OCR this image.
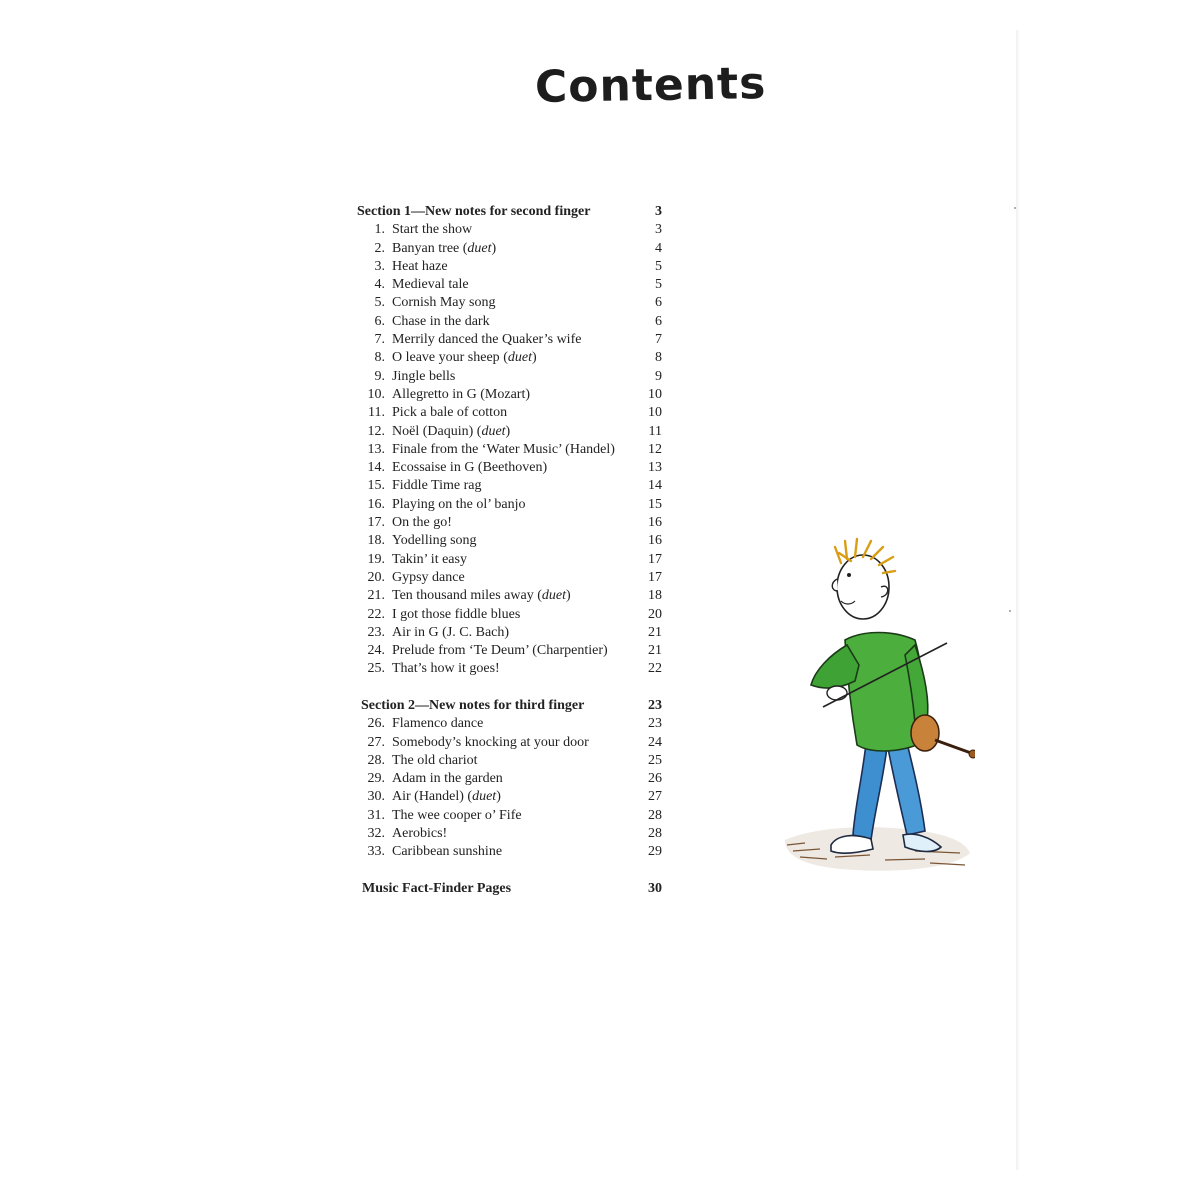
Contents
Section 1—New notes for second finger	3
1. Start the show	3
2. Banyan tree (duet)	4
3. Heat haze	5
4. Medieval tale	5
5. Cornish May song	6
6. Chase in the dark	6
7. Merrily danced the Quaker’s wife	7
8. O leave your sheep (duet)	8
9. Jingle bells	9
10. Allegretto in G (Mozart)	10
11. Pick a bale of cotton	10
12. Noël (Daquin) (duet)	11
13. Finale from the ‘Water Music’ (Handel) 12
14. Ecossaise in G (Beethoven)	13
15. Fiddle Time rag	14
16. Playing on the ol’ banjo	15
17. On the go!	16
18. Yodelling song	16
19. Takin’ it easy	17
20. Gypsy dance	17
21. Ten thousand miles away (duet)	18
22. I got those fiddle blues	20
23. Air in G (J. C. Bach)	21
24. Prelude from ‘Te Deum’ (Charpentier)	21
25. That’s how it goes!	22
Section 2—New notes for third finger	23
26. Flamenco dance	23
27. Somebody’s knocking at your door	24
28. The old chariot	25
29. Adam in the garden	26
30. Air (Handel) (duet)	27
31. The wee cooper o’ Fife	28
32. Aerobics!	28
33. Caribbean sunshine	29
Music Fact-Finder Pages	30
